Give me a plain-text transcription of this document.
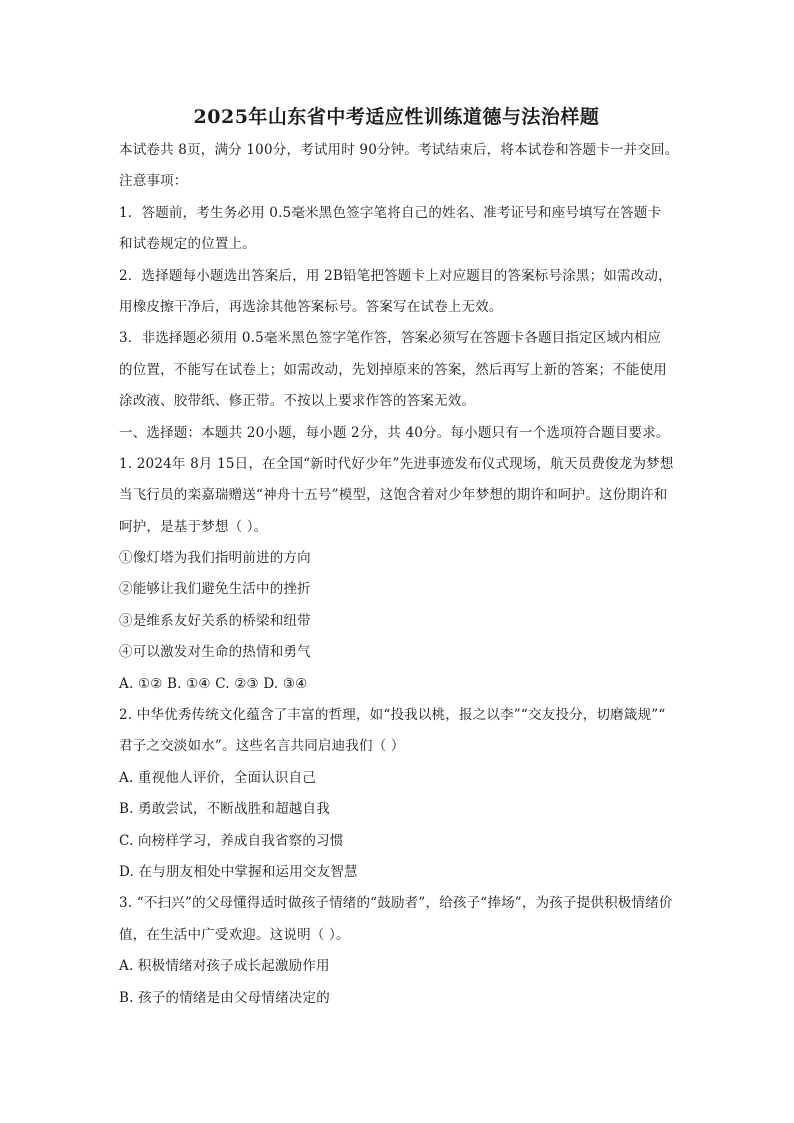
2025年山东省中考适应性训练道德与法治样题
本试卷共 8页，满分 100分，考试用时 90分钟。考试结束后，将本试卷和答题卡一并交回。
注意事项：
1．答题前，考生务必用 0.5毫米黑色签字笔将自己的姓名、准考证号和座号填写在答题卡
和试卷规定的位置上。
2．选择题每小题选出答案后，用 2B铅笔把答题卡上对应题目的答案标号涂黑；如需改动，
用橡皮擦干净后，再选涂其他答案标号。答案写在试卷上无效。
3．非选择题必须用 0.5毫米黑色签字笔作答，答案必须写在答题卡各题目指定区域内相应
的位置，不能写在试卷上；如需改动，先划掉原来的答案，然后再写上新的答案；不能使用
涂改液、胶带纸、修正带。不按以上要求作答的答案无效。
一、选择题：本题共 20小题，每小题 2分，共 40分。每小题只有一个选项符合题目要求。
1. 2024年 8月 15日，在全国“新时代好少年”先进事迹发布仪式现场，航天员费俊龙为梦想
当飞行员的栾嘉瑞赠送“神舟十五号”模型，这饱含着对少年梦想的期许和呵护。这份期许和
呵护，是基于梦想（ ）。
①像灯塔为我们指明前进的方向
②能够让我们避免生活中的挫折
③是维系友好关系的桥梁和纽带
④可以激发对生命的热情和勇气
A. ①② B. ①④ C. ②③ D. ③④
2. 中华优秀传统文化蕴含了丰富的哲理，如“投我以桃，报之以李”“交友投分，切磨箴规”“
君子之交淡如水”。这些名言共同启迪我们（ ）
A. 重视他人评价，全面认识自己
B. 勇敢尝试，不断战胜和超越自我
C. 向榜样学习，养成自我省察的习惯
D. 在与朋友相处中掌握和运用交友智慧
3. “不扫兴”的父母懂得适时做孩子情绪的“鼓励者”，给孩子“捧场”，为孩子提供积极情绪价
值，在生活中广受欢迎。这说明（ ）。
A. 积极情绪对孩子成长起激励作用
B. 孩子的情绪是由父母情绪决定的
